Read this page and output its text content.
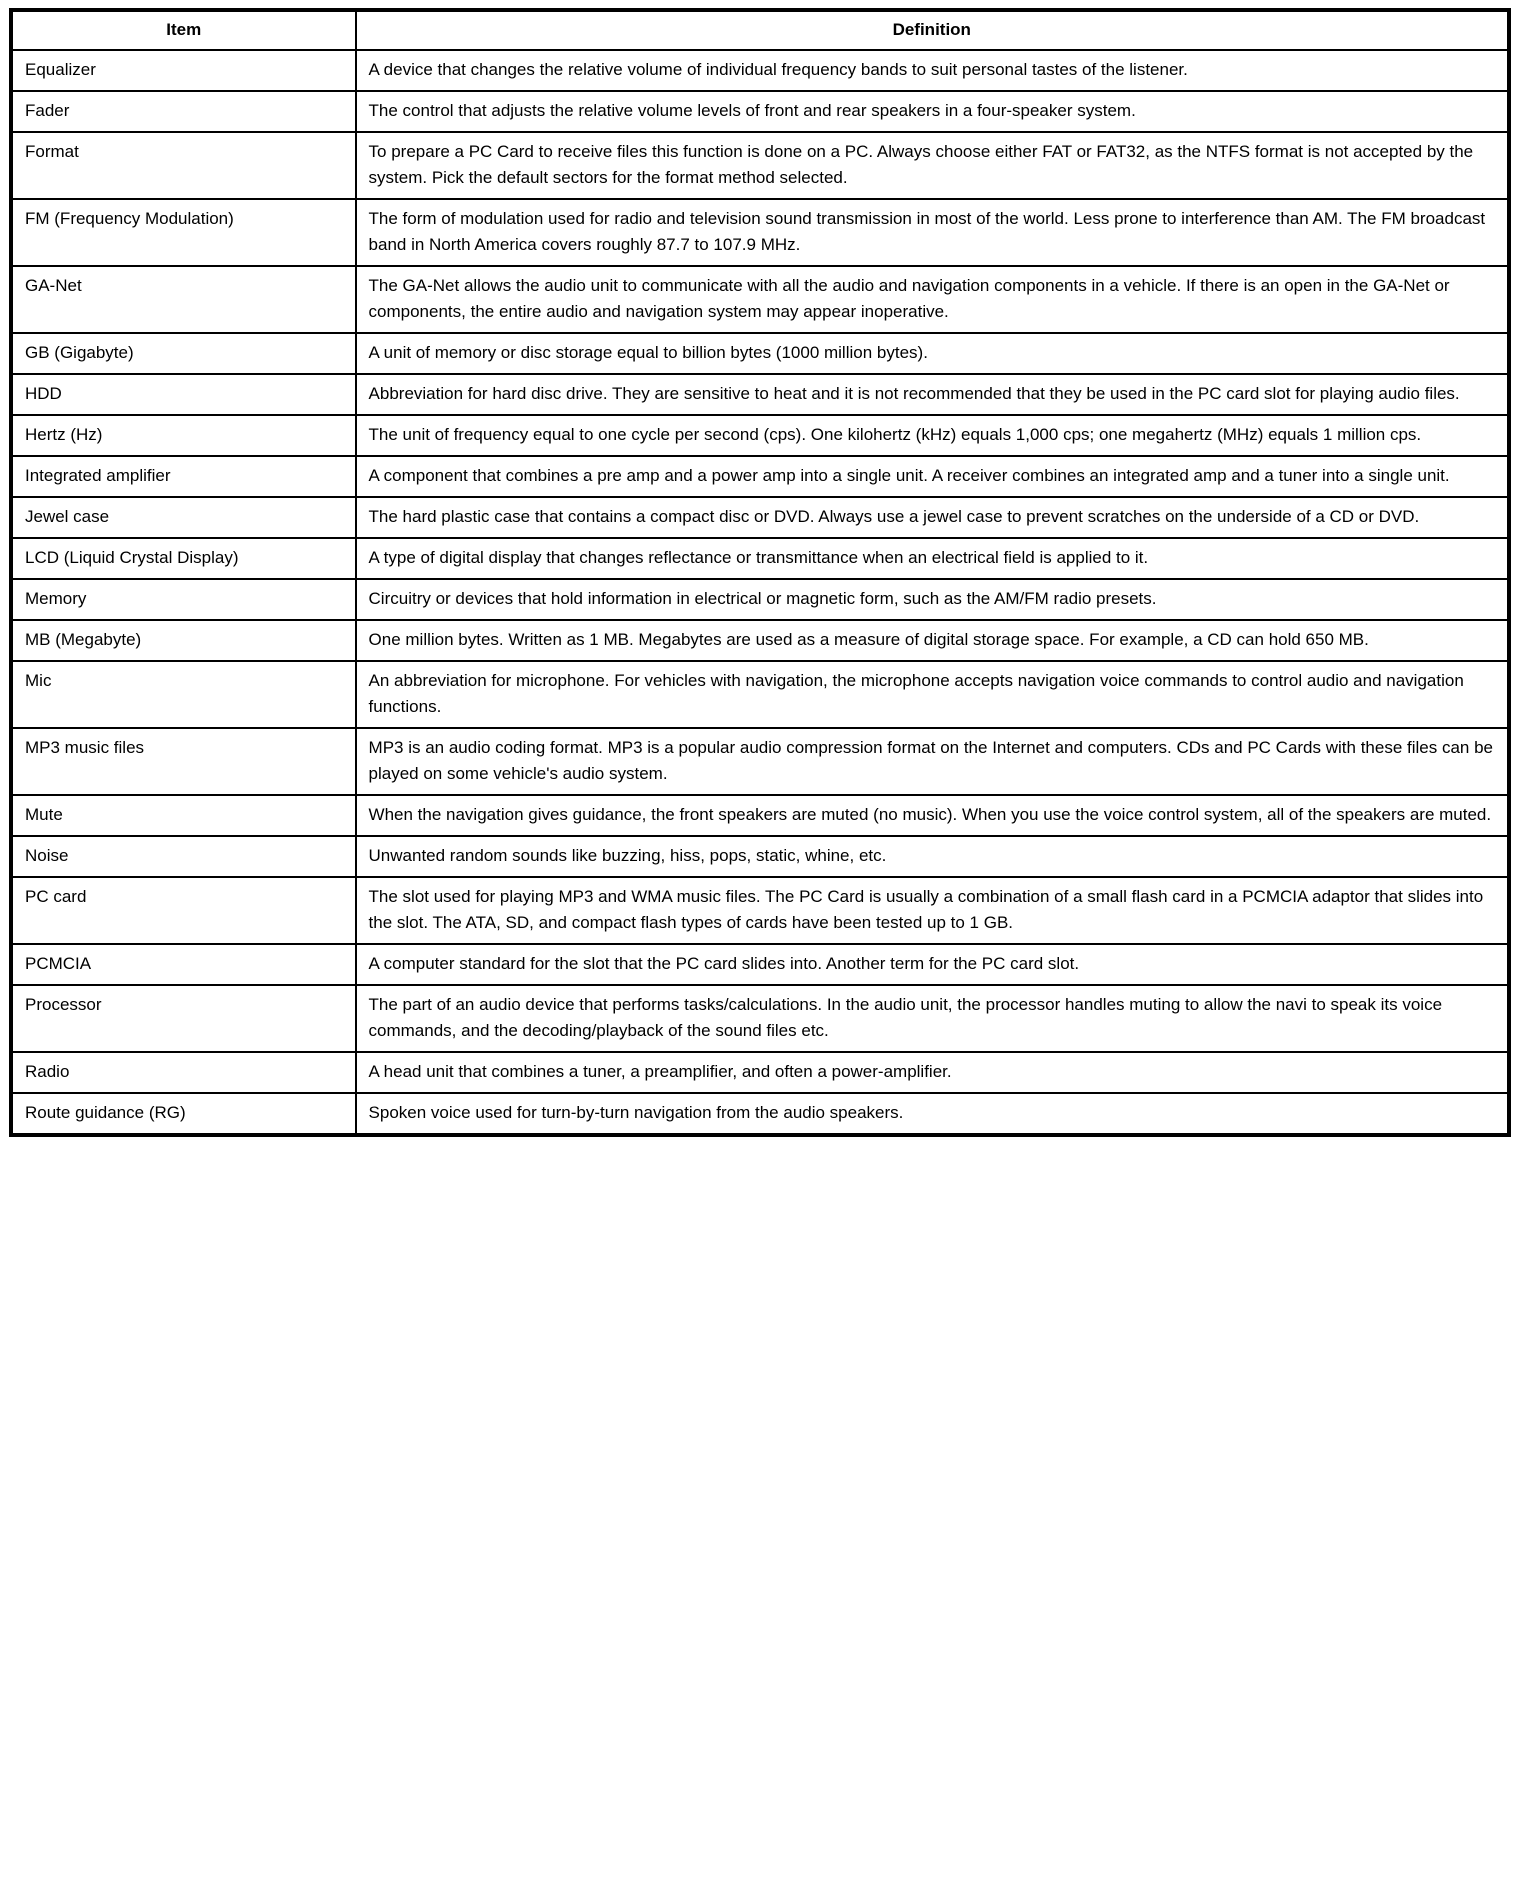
Item	Definition
Equalizer	A device that changes the relative volume of individual frequency bands to suit personal tastes of the listener.
Fader	The control that adjusts the relative volume levels of front and rear speakers in a four-speaker system.
Format	To prepare a PC Card to receive files this function is done on a PC. Always choose either FAT or FAT32, as the NTFS format is not accepted by the system. Pick the default sectors for the format method selected.
FM (Frequency Modulation)	The form of modulation used for radio and television sound transmission in most of the world. Less prone to interference than AM. The FM broadcast band in North America covers roughly 87.7 to 107.9 MHz.
GA-Net	The GA-Net allows the audio unit to communicate with all the audio and navigation components in a vehicle. If there is an open in the GA-Net or components, the entire audio and navigation system may appear inoperative.
GB (Gigabyte)	A unit of memory or disc storage equal to billion bytes (1000 million bytes).
HDD	Abbreviation for hard disc drive. They are sensitive to heat and it is not recommended that they be used in the PC card slot for playing audio files.
Hertz (Hz)	The unit of frequency equal to one cycle per second (cps). One kilohertz (kHz) equals 1,000 cps; one megahertz (MHz) equals 1 million cps.
Integrated amplifier	A component that combines a pre amp and a power amp into a single unit. A receiver combines an integrated amp and a tuner into a single unit.
Jewel case	The hard plastic case that contains a compact disc or DVD. Always use a jewel case to prevent scratches on the underside of a CD or DVD.
LCD (Liquid Crystal Display)	A type of digital display that changes reflectance or transmittance when an electrical field is applied to it.
Memory	Circuitry or devices that hold information in electrical or magnetic form, such as the AM/FM radio presets.
MB (Megabyte)	One million bytes. Written as 1 MB. Megabytes are used as a measure of digital storage space. For example, a CD can hold 650 MB.
Mic	An abbreviation for microphone. For vehicles with navigation, the microphone accepts navigation voice commands to control audio and navigation functions.
MP3 music files	MP3 is an audio coding format. MP3 is a popular audio compression format on the Internet and computers. CDs and PC Cards with these files can be played on some vehicle's audio system.
Mute	When the navigation gives guidance, the front speakers are muted (no music). When you use the voice control system, all of the speakers are muted.
Noise	Unwanted random sounds like buzzing, hiss, pops, static, whine, etc.
PC card	The slot used for playing MP3 and WMA music files. The PC Card is usually a combination of a small flash card in a PCMCIA adaptor that slides into the slot. The ATA, SD, and compact flash types of cards have been tested up to 1 GB.
PCMCIA	A computer standard for the slot that the PC card slides into. Another term for the PC card slot.
Processor	The part of an audio device that performs tasks/calculations. In the audio unit, the processor handles muting to allow the navi to speak its voice commands, and the decoding/playback of the sound files etc.
Radio	A head unit that combines a tuner, a preamplifier, and often a power-amplifier.
Route guidance (RG)	Spoken voice used for turn-by-turn navigation from the audio speakers.
